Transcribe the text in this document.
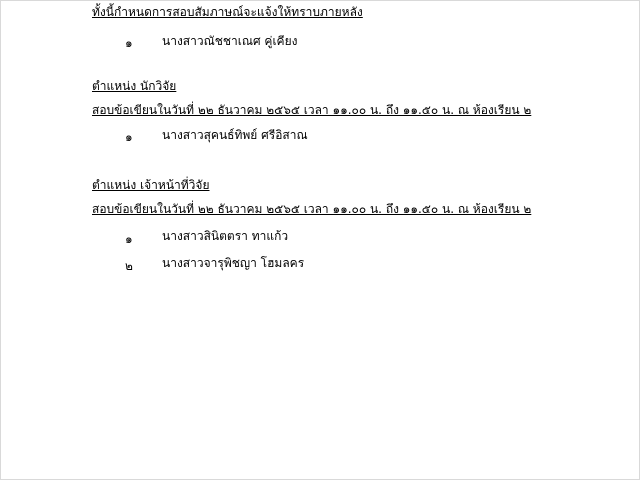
ทั้งนี้กำหนดการสอบสัมภาษณ์จะแจ้งให้ทราบภายหลัง
๑ นางสาวณัชชาเณศ คู่เคียง
ตำแหน่ง นักวิจัย
สอบข้อเขียนในวันที่ ๒๒ ธันวาคม ๒๕๖๕ เวลา ๑๑.๐๐ น. ถึง ๑๑.๕๐ น. ณ ห้องเรียน ๒
๑ นางสาวสุคนธ์ทิพย์ ศรีอิสาณ
ตำแหน่ง เจ้าหน้าที่วิจัย
สอบข้อเขียนในวันที่ ๒๒ ธันวาคม ๒๕๖๕ เวลา ๑๑.๐๐ น. ถึง ๑๑.๕๐ น. ณ ห้องเรียน ๒
๑ นางสาวสินิตตรา ทาแก้ว
๒ นางสาวจารุพิชญา โฮมลคร
